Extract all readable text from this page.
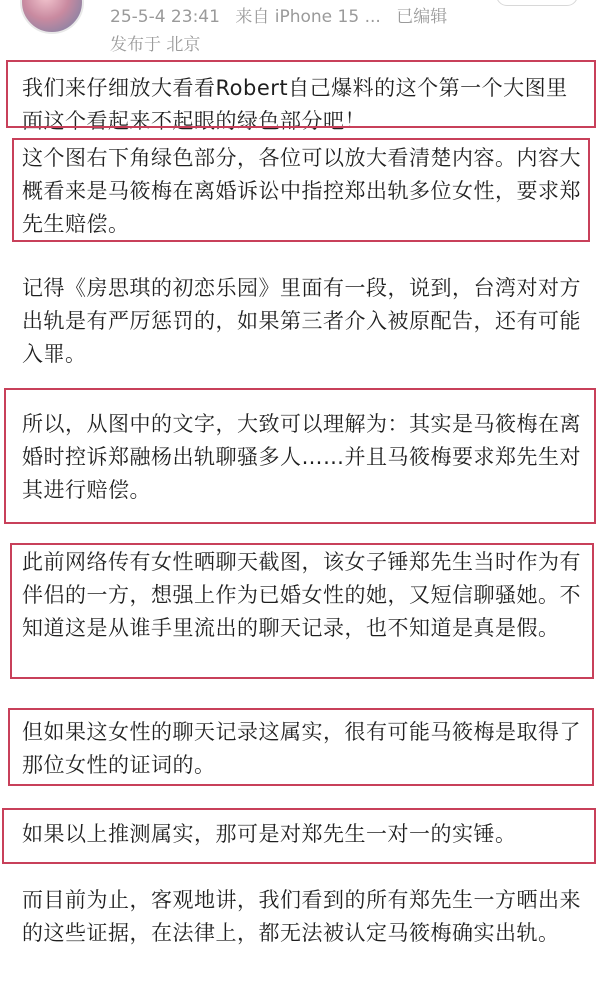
25-5-4 23:41 来自 iPhone 15 ... 已编辑
发布于 北京

我们来仔细放大看看Robert自己爆料的这个第一个大图里面这个看起来不起眼的绿色部分吧！

这个图右下角绿色部分，各位可以放大看清楚内容。内容大概看来是马筱梅在离婚诉讼中指控郑出轨多位女性，要求郑先生赔偿。

记得《房思琪的初恋乐园》里面有一段，说到，台湾对对方出轨是有严厉惩罚的，如果第三者介入被原配告，还有可能入罪。

所以，从图中的文字，大致可以理解为：其实是马筱梅在离婚时控诉郑融杨出轨聊骚多人……并且马筱梅要求郑先生对其进行赔偿。

此前网络传有女性晒聊天截图，该女子锤郑先生当时作为有伴侣的一方，想强上作为已婚女性的她，又短信聊骚她。不知道这是从谁手里流出的聊天记录，也不知道是真是假。

但如果这女性的聊天记录这属实，很有可能马筱梅是取得了那位女性的证词的。

如果以上推测属实，那可是对郑先生一对一的实锤。

而目前为止，客观地讲，我们看到的所有郑先生一方晒出来的这些证据，在法律上，都无法被认定马筱梅确实出轨。
